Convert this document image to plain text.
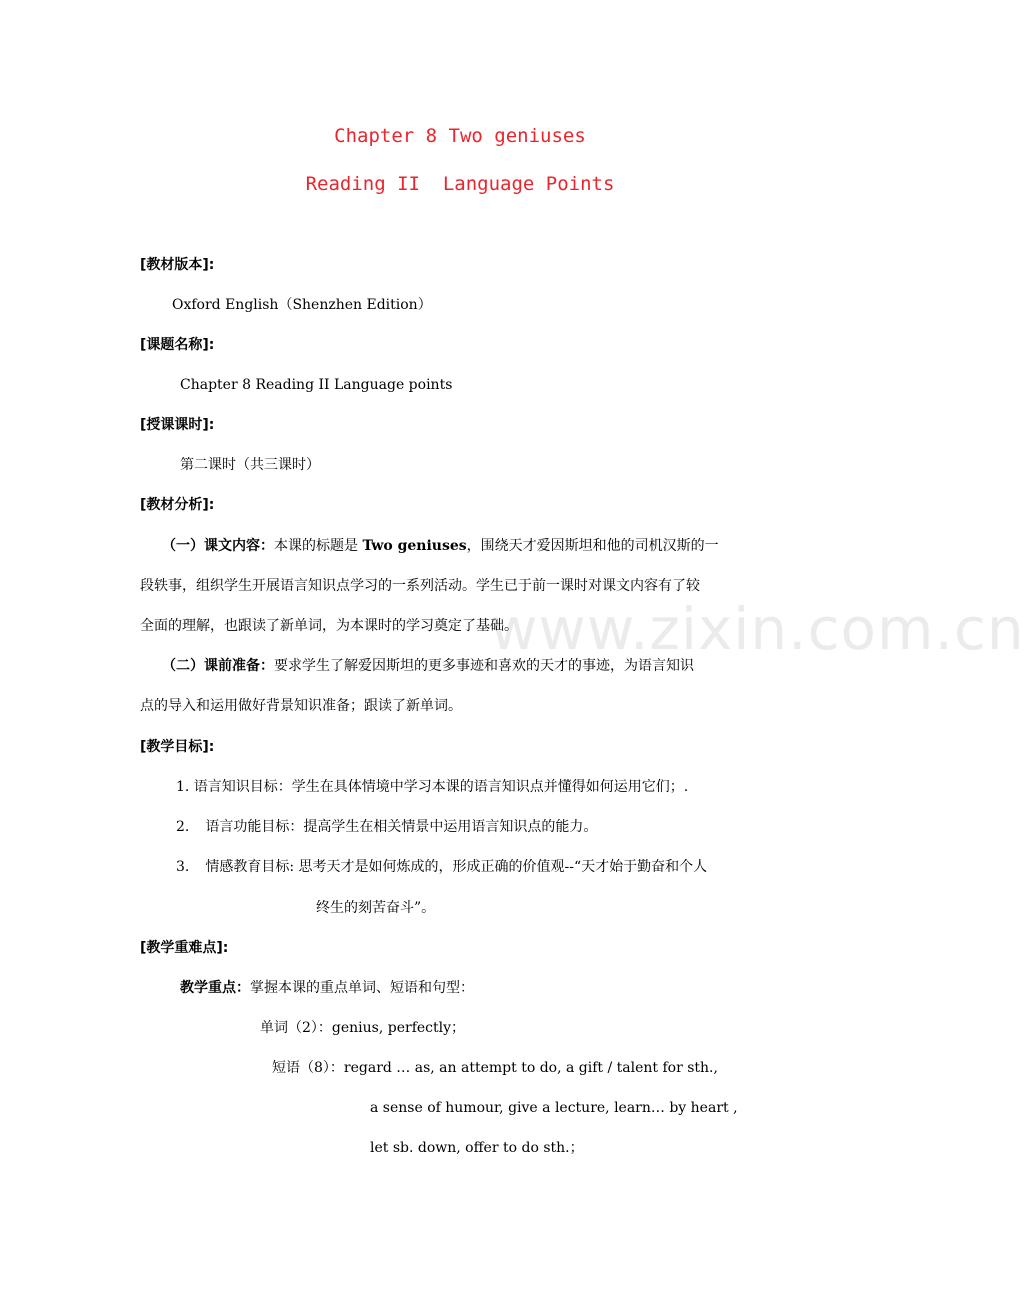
www.zixin.com.cn
Chapter 8 Two geniuses
Reading II  Language Points
[教材版本]:
Oxford English（Shenzhen Edition）
[课题名称]:
Chapter 8 Reading II Language points
[授课课时]:
第二课时（共三课时）
[教材分析]:
（一）课文内容：本课的标题是 Two geniuses，围绕天才爱因斯坦和他的司机汉斯的一
段轶事，组织学生开展语言知识点学习的一系列活动。学生已于前一课时对课文内容有了较
全面的理解，也跟读了新单词，为本课时的学习奠定了基础。
（二）课前准备：要求学生了解爱因斯坦的更多事迹和喜欢的天才的事迹，为语言知识
点的导入和运用做好背景知识准备；跟读了新单词。
[教学目标]:
1. 语言知识目标：学生在具体情境中学习本课的语言知识点并懂得如何运用它们；.
2. 语言功能目标：提高学生在相关情景中运用语言知识点的能力。
3. 情感教育目标: 思考天才是如何炼成的，形成正确的价值观--“天才始于勤奋和个人
终生的刻苦奋斗”。
[教学重难点]:
教学重点：掌握本课的重点单词、短语和句型：
单词（2）：genius, perfectly；
短语（8）：regard … as, an attempt to do, a gift / talent for sth.,
a sense of humour, give a lecture, learn… by heart ,
let sb. down, offer to do sth.；
